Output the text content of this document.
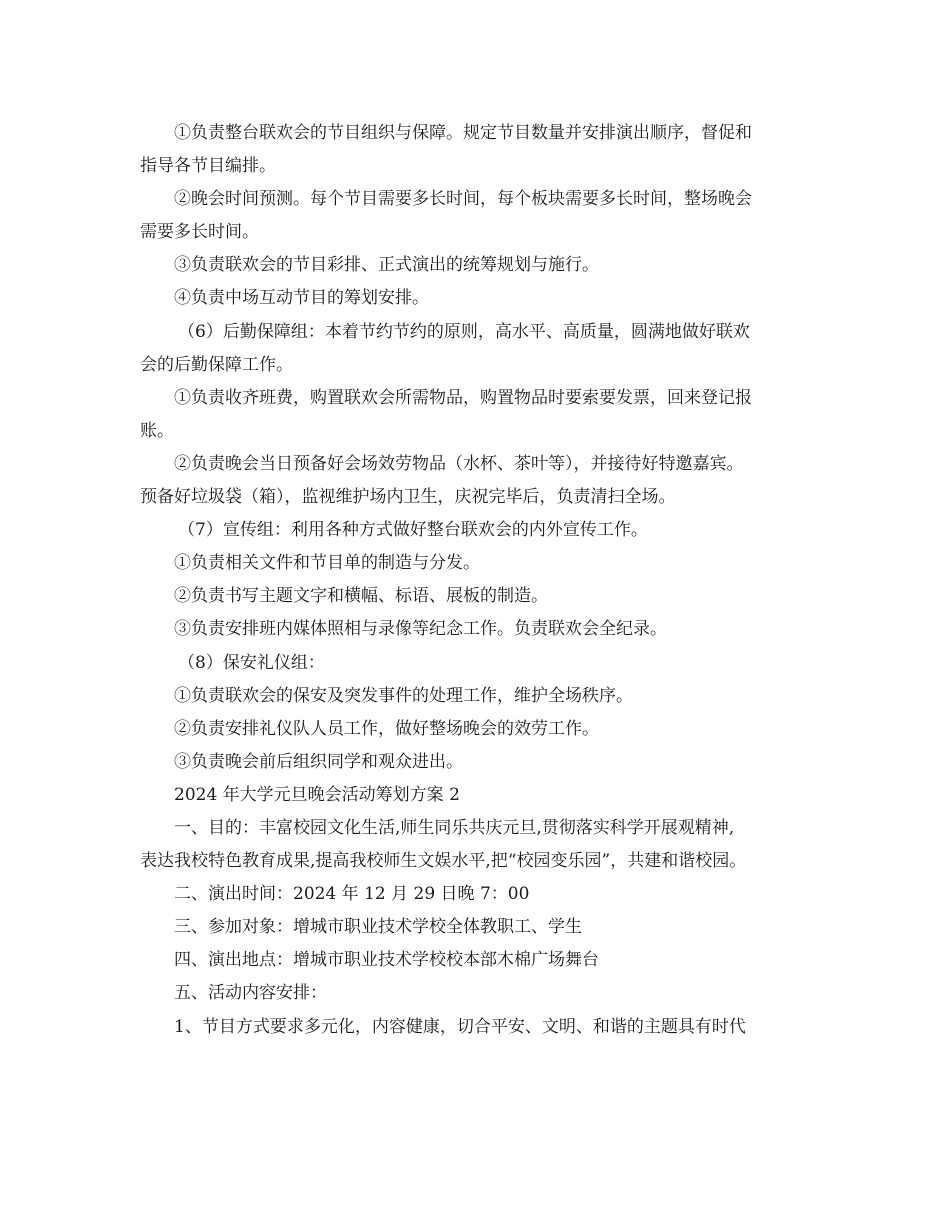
①负责整台联欢会的节目组织与保障。规定节目数量并安排演出顺序，督促和
指导各节目编排。
②晚会时间预测。每个节目需要多长时间，每个板块需要多长时间，整场晚会
需要多长时间。
③负责联欢会的节目彩排、正式演出的统筹规划与施行。
④负责中场互动节目的筹划安排。
（6）后勤保障组：本着节约节约的原则，高水平、高质量，圆满地做好联欢
会的后勤保障工作。
①负责收齐班费，购置联欢会所需物品，购置物品时要索要发票，回来登记报
账。
②负责晚会当日预备好会场效劳物品（水杯、茶叶等），并接待好特邀嘉宾。
预备好垃圾袋（箱），监视维护场内卫生，庆祝完毕后，负责清扫全场。
（7）宣传组：利用各种方式做好整台联欢会的内外宣传工作。
①负责相关文件和节目单的制造与分发。
②负责书写主题文字和横幅、标语、展板的制造。
③负责安排班内媒体照相与录像等纪念工作。负责联欢会全纪录。
（8）保安礼仪组：
①负责联欢会的保安及突发事件的处理工作，维护全场秩序。
②负责安排礼仪队人员工作，做好整场晚会的效劳工作。
③负责晚会前后组织同学和观众进出。
2024 年大学元旦晚会活动筹划方案 2
一、目的：丰富校园文化生活,师生同乐共庆元旦,贯彻落实科学开展观精神,
表达我校特色教育成果,提高我校师生文娱水平,把“校园变乐园”，共建和谐校园。
二、演出时间：2024 年 12 月 29 日晚 7：00
三、参加对象：增城市职业技术学校全体教职工、学生
四、演出地点：增城市职业技术学校校本部木棉广场舞台
五、活动内容安排：
1、节目方式要求多元化，内容健康，切合平安、文明、和谐的主题具有时代
